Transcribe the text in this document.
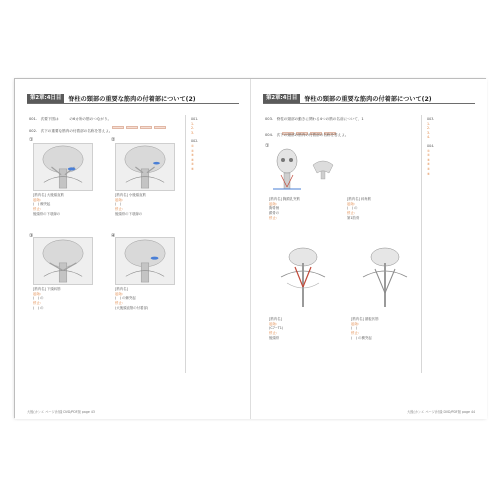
第2章:4日目	脊柱の頸部の重要な筋肉の付着部について(2)
001.　次要下図は　　　の6カ所の筋のつながり。
002.　次下の重要な筋肉の付着部の名称を答えよ。
①
[筋肉名] 大後頭直筋
起始:
(　) 棘突起
停止:
後頭骨の下項線の
②
[筋肉名] 小後頭直筋
起始:
(　)
停止:
後頭骨の下項線の
③
[筋肉名] 下頭斜筋
起始:
(　) の
停止:
(　) の
④
[筋肉名]
起始:
(　) の棘突起
停止:
(大後頭直筋の付着部)
001.
1.
2.
3.
002.
①
②
③
④
⑤
⑥
大後(カンエ ページ)付録 DVD/PDF版 page 43
第2章:4日目	脊柱の頸部の重要な筋肉の付着部について(2)
003.　脊柱の頸部の動きに関わる4つの筋の名前について、1
004.　次下の頸部の筋肉の付着部の名称を答えよ。
①
[筋肉名] 胸鎖乳突筋
起始:
胸骨柄
鎖骨の
停止:
[筋肉名] 斜角筋
起始:
(　) の
停止:
第1肋骨
[筋肉名]
起始:
(C7~T1)
停止:
後頭骨
[筋肉名] 頸板状筋
起始:
(　)
停止:
(　) の横突起
003.
1.
2.
3.
4.
004.
①
②
③
④
⑤
⑥
大後(カンエ ページ)付録 DVD/PDF版 page 44
